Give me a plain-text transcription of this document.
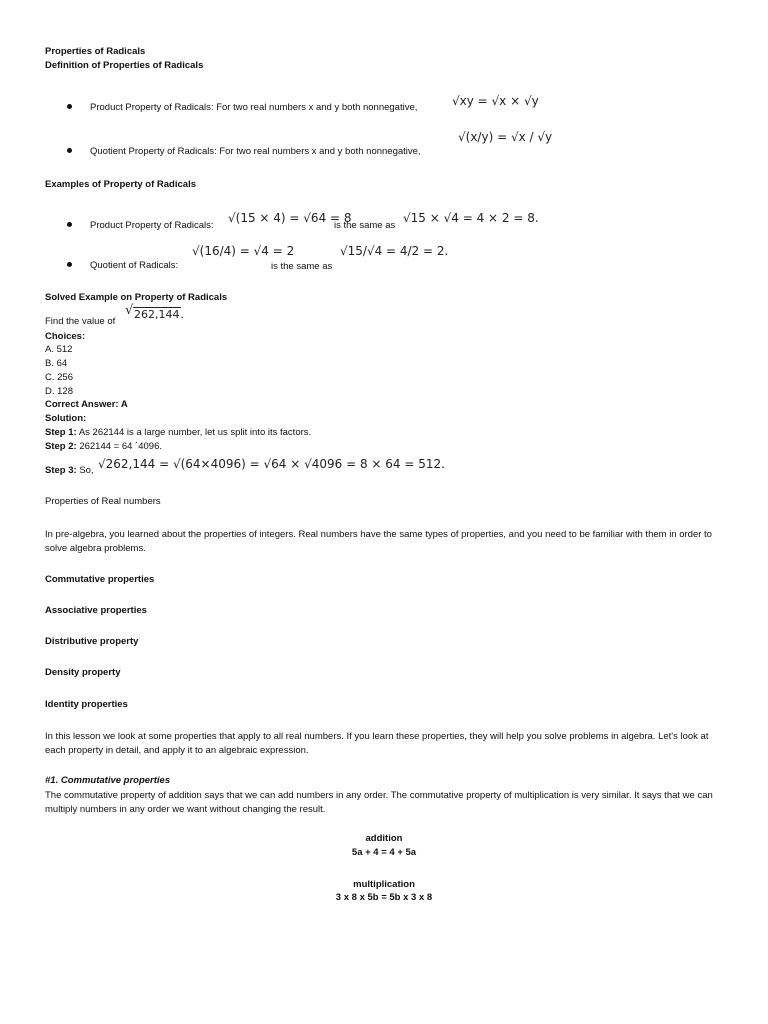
Properties of Radicals
Definition of Properties of Radicals
Product Property of Radicals: For two real numbers x and y both nonnegative,	√xy = √x × √y
Quotient Property of Radicals: For two real numbers x and y both nonnegative,
√(x/y) = √x / √y
Examples of Property of Radicals
Product Property of Radicals:
√(15 × 4) = √64 = 8
is the same as
√15 × √4 = 4 × 2 = 8.
Quotient of Radicals:
√(16/4) = √4 = 2
is the same as
√15/√4 = 4/2 = 2.
Solved Example on Property of Radicals
Find the value of
√ 262,144.
Choices:
A. 512
B. 64
C. 256
D. 128
Correct Answer: A
Solution:
Step 1: As 262144 is a large number, let us split into its factors.
Step 2: 262144 = 64 ´4096.
Step 3: So, √262,144 = √(64×4096) = √64 × √4096 = 8 × 64 = 512.
Properties of Real numbers
In pre-algebra, you learned about the properties of integers. Real numbers have the same types of properties, and you need to be familiar with them in order to solve algebra problems.
Commutative properties
Associative properties
Distributive property
Density property
Identity properties
In this lesson we look at some properties that apply to all real numbers. If you learn these properties, they will help you solve problems in algebra. Let's look at each property in detail, and apply it to an algebraic expression.
#1. Commutative properties
The commutative property of addition says that we can add numbers in any order. The commutative property of multiplication is very similar. It says that we can multiply numbers in any order we want without changing the result.
addition
5a + 4 = 4 + 5a
multiplication
3 x 8 x 5b = 5b x 3 x 8
